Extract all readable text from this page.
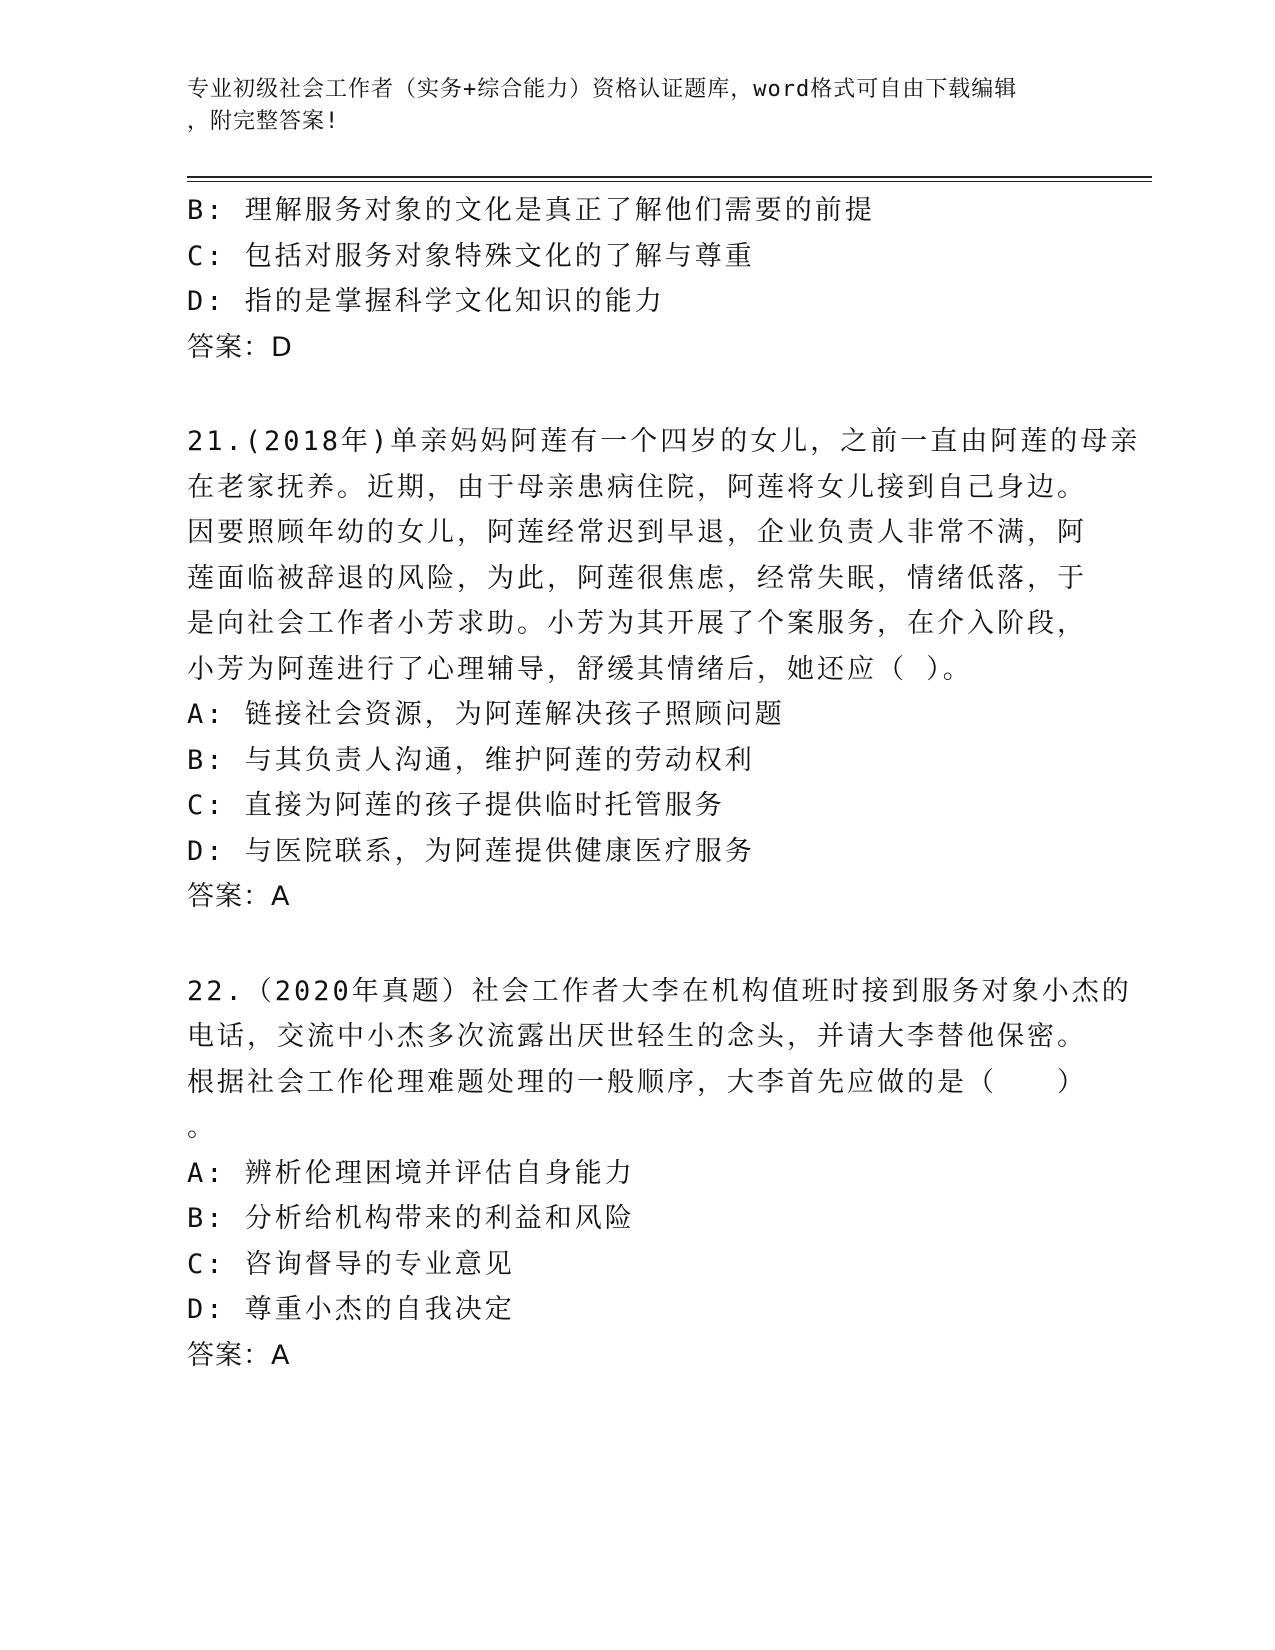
专业初级社会工作者（实务+综合能力）资格认证题库，word格式可自由下载编辑
，附完整答案!
B: 理解服务对象的文化是真正了解他们需要的前提
C: 包括对服务对象特殊文化的了解与尊重
D: 指的是掌握科学文化知识的能力
答案：D
21.(2018年)单亲妈妈阿莲有一个四岁的女儿，之前一直由阿莲的母亲
在老家抚养。近期，由于母亲患病住院，阿莲将女儿接到自己身边。
因要照顾年幼的女儿，阿莲经常迟到早退，企业负责人非常不满，阿
莲面临被辞退的风险，为此，阿莲很焦虑，经常失眠，情绪低落，于
是向社会工作者小芳求助。小芳为其开展了个案服务，在介入阶段，
小芳为阿莲进行了心理辅导，舒缓其情绪后，她还应（ ）。
A: 链接社会资源，为阿莲解决孩子照顾问题
B: 与其负责人沟通，维护阿莲的劳动权利
C: 直接为阿莲的孩子提供临时托管服务
D: 与医院联系，为阿莲提供健康医疗服务
答案：A
22.（2020年真题）社会工作者大李在机构值班时接到服务对象小杰的
电话，交流中小杰多次流露出厌世轻生的念头，并请大李替他保密。
根据社会工作伦理难题处理的一般顺序，大李首先应做的是（　　）
。
A: 辨析伦理困境并评估自身能力
B: 分析给机构带来的利益和风险
C: 咨询督导的专业意见
D: 尊重小杰的自我决定
答案：A
